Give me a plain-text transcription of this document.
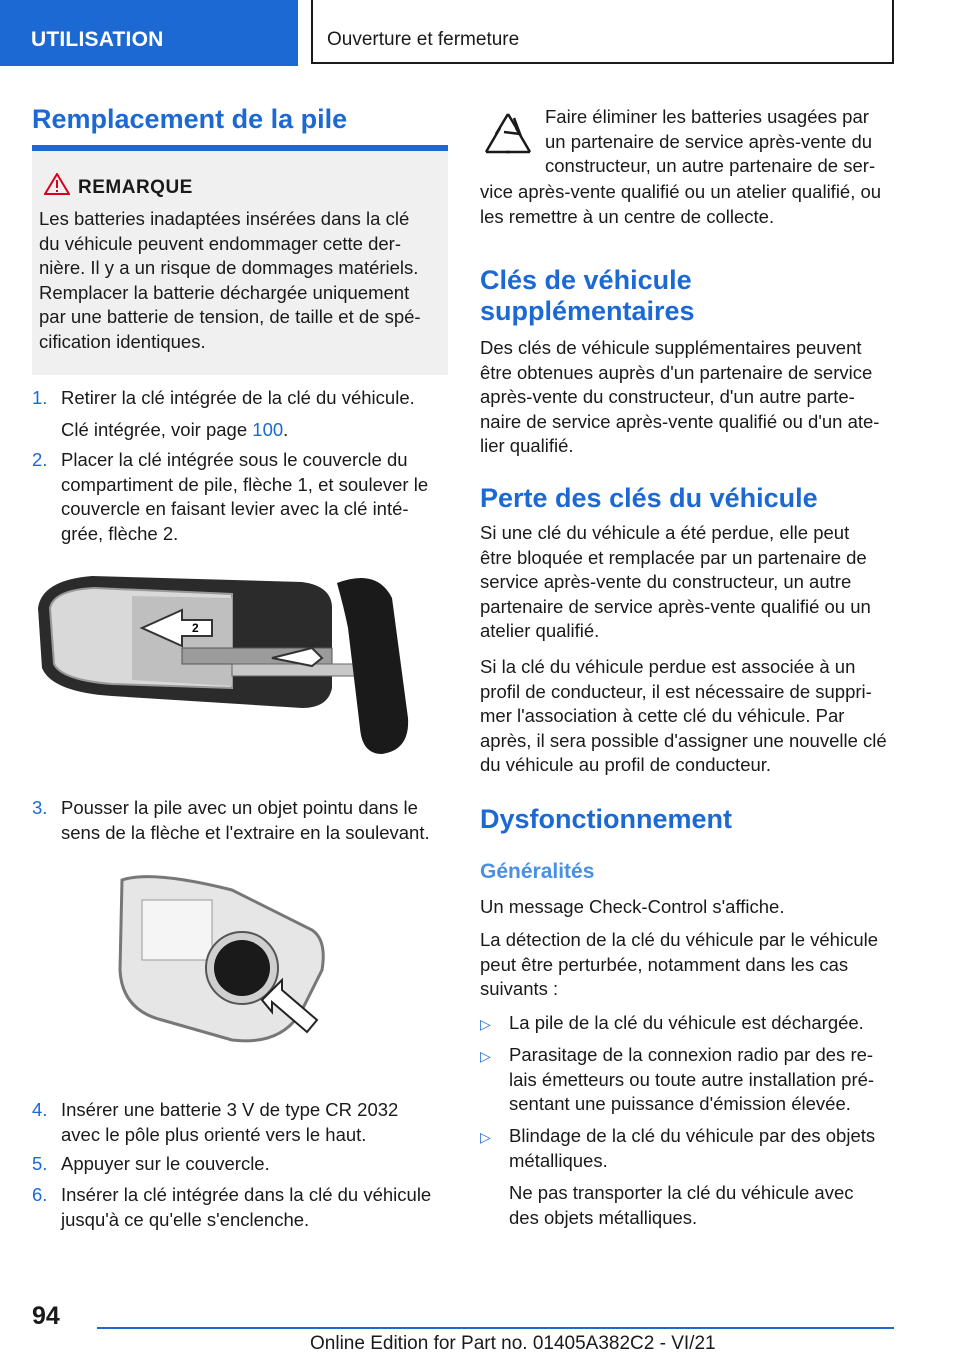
UTILISATION	Ouverture et fermeture
Remplacement de la pile
REMARQUE
Les batteries inadaptées insérées dans la clé
du véhicule peuvent endommager cette der-
nière. Il y a un risque de dommages matériels.
Remplacer la batterie déchargée uniquement
par une batterie de tension, de taille et de spé-
cification identiques.
1. Retirer la clé intégrée de la clé du véhicule.
Clé intégrée, voir page 100.
2. Placer la clé intégrée sous le couvercle du
compartiment de pile, flèche 1, et soulever le
couvercle en faisant levier avec la clé inté-
grée, flèche 2.
2
3. Pousser la pile avec un objet pointu dans le
sens de la flèche et l'extraire en la soulevant.
4. Insérer une batterie 3 V de type CR 2032
avec le pôle plus orienté vers le haut.
5. Appuyer sur le couvercle.
6. Insérer la clé intégrée dans la clé du véhicule
jusqu'à ce qu'elle s'enclenche.
Faire éliminer les batteries usagées par
un partenaire de service après-vente du
constructeur, un autre partenaire de ser-
vice après-vente qualifié ou un atelier qualifié, ou
les remettre à un centre de collecte.
Clés de véhicule
supplémentaires
Des clés de véhicule supplémentaires peuvent
être obtenues auprès d'un partenaire de service
après-vente du constructeur, d'un autre parte-
naire de service après-vente qualifié ou d'un ate-
lier qualifié.
Perte des clés du véhicule
Si une clé du véhicule a été perdue, elle peut
être bloquée et remplacée par un partenaire de
service après-vente du constructeur, un autre
partenaire de service après-vente qualifié ou un
atelier qualifié.
Si la clé du véhicule perdue est associée à un
profil de conducteur, il est nécessaire de suppri-
mer l'association à cette clé du véhicule. Par
après, il sera possible d'assigner une nouvelle clé
du véhicule au profil de conducteur.
Dysfonctionnement
Généralités
Un message Check-Control s'affiche.
La détection de la clé du véhicule par le véhicule
peut être perturbée, notamment dans les cas
suivants :
▷ La pile de la clé du véhicule est déchargée.
▷ Parasitage de la connexion radio par des re-
lais émetteurs ou toute autre installation pré-
sentant une puissance d'émission élevée.
▷ Blindage de la clé du véhicule par des objets
métalliques.
Ne pas transporter la clé du véhicule avec
des objets métalliques.
94
Online Edition for Part no. 01405A382C2 - VI/21
